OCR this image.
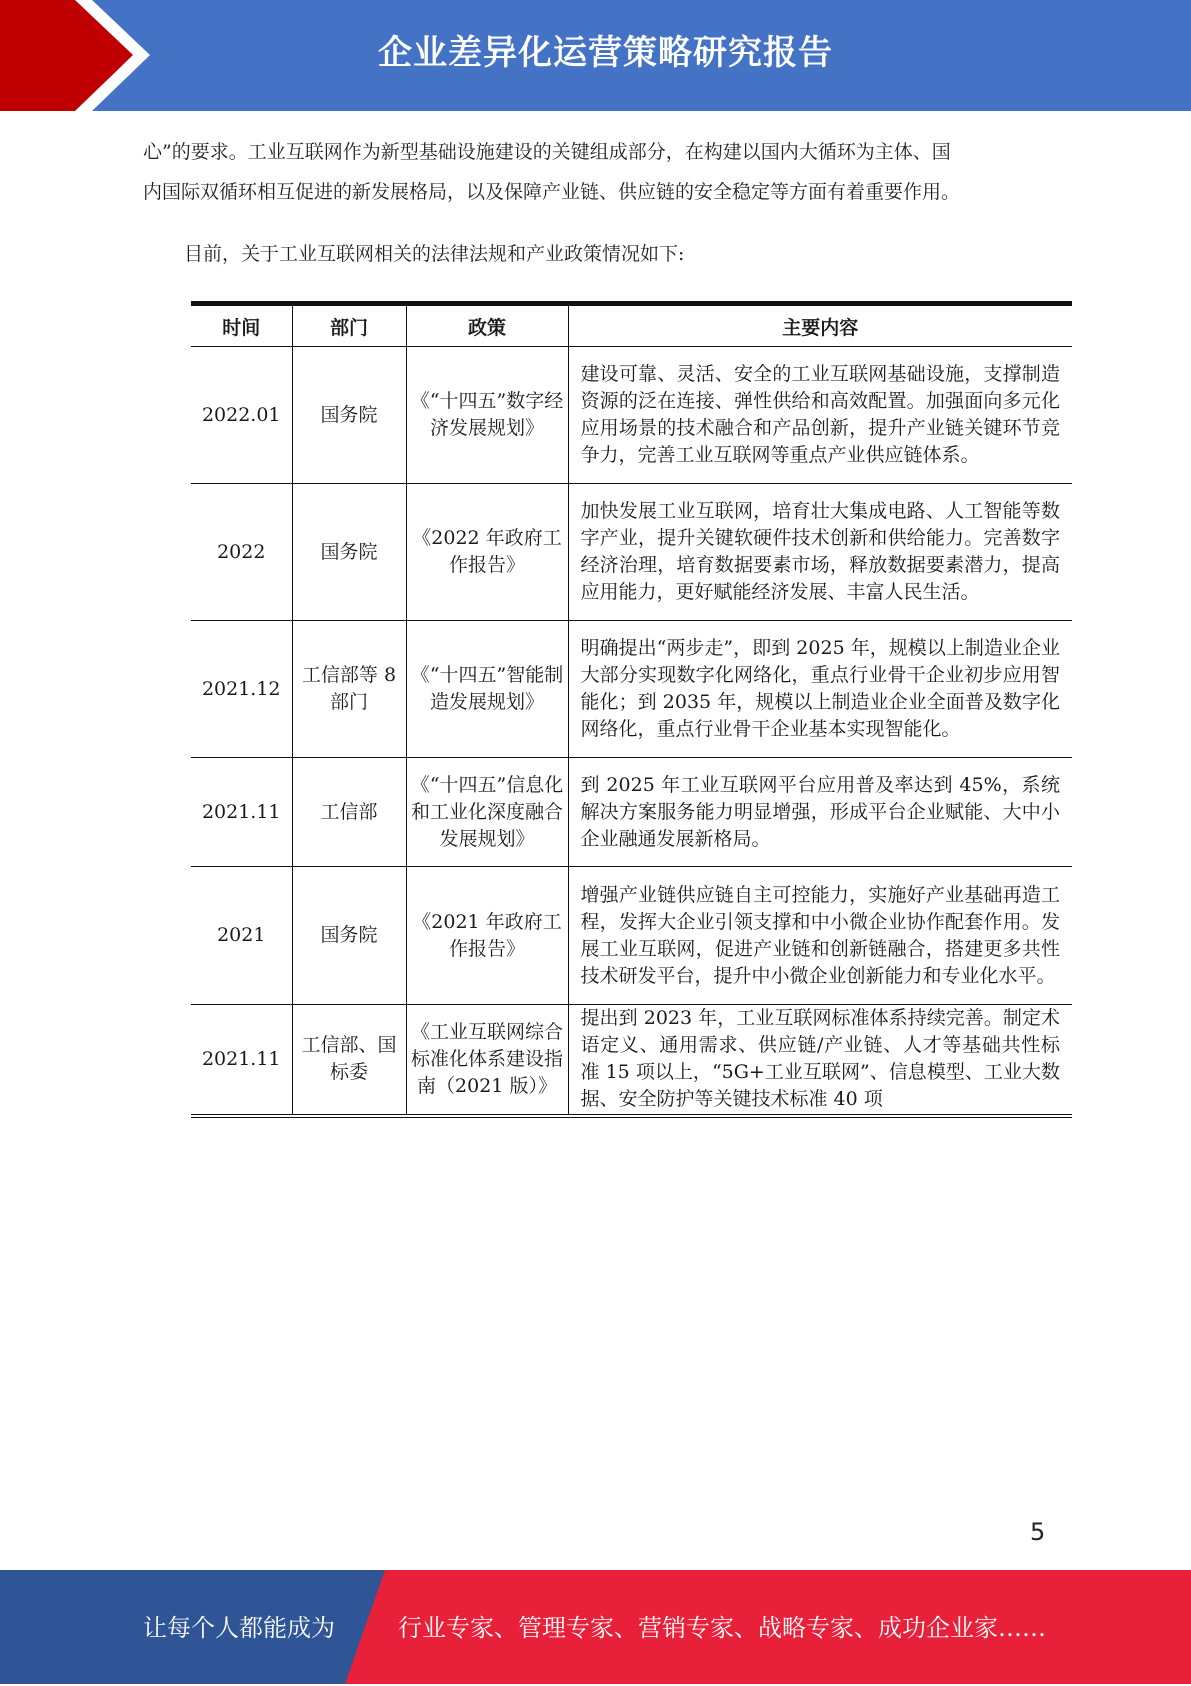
企业差异化运营策略研究报告
心”的要求。工业互联网作为新型基础设施建设的关键组成部分，在构建以国内大循环为主体、国
内国际双循环相互促进的新发展格局，以及保障产业链、供应链的安全稳定等方面有着重要作用。
目前，关于工业互联网相关的法律法规和产业政策情况如下:
时间	部门	政策	主要内容
2022.01	国务院	《“十四五”数字经济发展规划》	建设可靠、灵活、安全的工业互联网基础设施，支撑制造资源的泛在连接、弹性供给和高效配置。加强面向多元化应用场景的技术融合和产品创新，提升产业链关键环节竞争力，完善工业互联网等重点产业供应链体系。
2022	国务院	《2022 年政府工作报告》	加快发展工业互联网，培育壮大集成电路、人工智能等数字产业，提升关键软硬件技术创新和供给能力。完善数字经济治理，培育数据要素市场，释放数据要素潜力，提高应用能力，更好赋能经济发展、丰富人民生活。
2021.12	工信部等 8 部门	《“十四五”智能制造发展规划》	明确提出“两步走”，即到 2025 年，规模以上制造业企业大部分实现数字化网络化，重点行业骨干企业初步应用智能化；到 2035 年，规模以上制造业企业全面普及数字化网络化，重点行业骨干企业基本实现智能化。
2021.11	工信部	《“十四五”信息化和工业化深度融合发展规划》	到 2025 年工业互联网平台应用普及率达到 45%，系统解决方案服务能力明显增强，形成平台企业赋能、大中小企业融通发展新格局。
2021	国务院	《2021 年政府工作报告》	增强产业链供应链自主可控能力，实施好产业基础再造工程，发挥大企业引领支撑和中小微企业协作配套作用。发展工业互联网，促进产业链和创新链融合，搭建更多共性技术研发平台，提升中小微企业创新能力和专业化水平。
2021.11	工信部、国标委	《工业互联网综合标准化体系建设指南（2021 版）》	提出到 2023 年，工业互联网标准体系持续完善。制定术语定义、通用需求、供应链/产业链、人才等基础共性标准 15 项以上，“5G+工业互联网”、信息模型、工业大数据、安全防护等关键技术标准 40 项
5
让每个人都能成为	行业专家、管理专家、营销专家、战略专家、成功企业家……
